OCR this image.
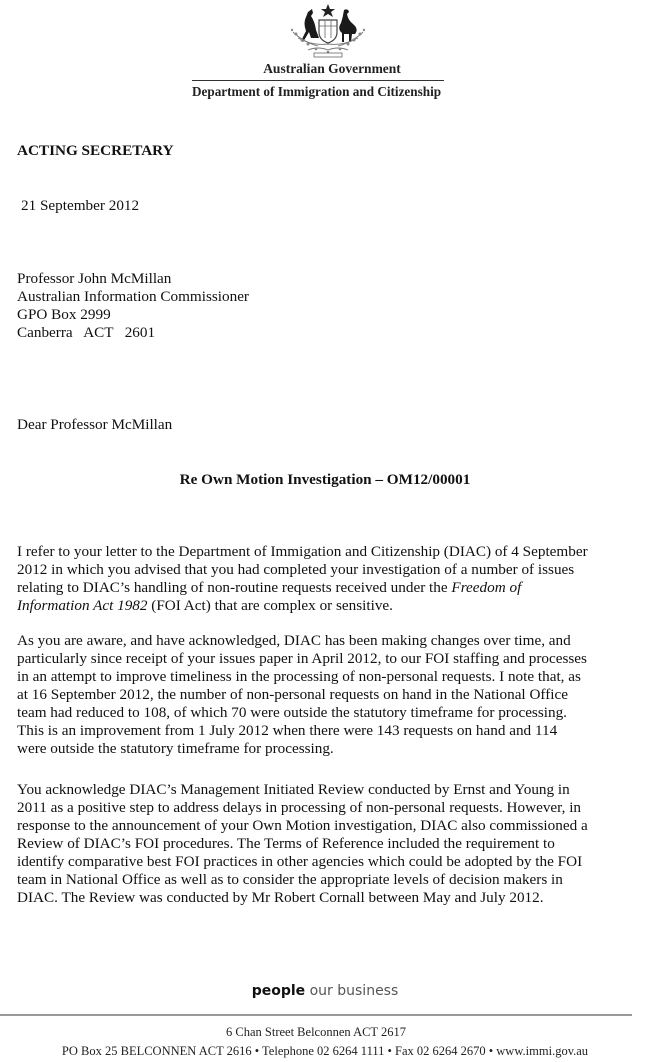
Australian Government
Department of Immigration and Citizenship
ACTING SECRETARY
21 September 2012
Professor John McMillan
Australian Information Commissioner
GPO Box 2999
Canberra   ACT   2601
Dear Professor McMillan
Re Own Motion Investigation – OM12/00001
I refer to your letter to the Department of Immigation and Citizenship (DIAC) of 4 September
2012 in which you advised that you had completed your investigation of a number of issues
relating to DIAC’s handling of non-routine requests received under the Freedom of
Information Act 1982 (FOI Act) that are complex or sensitive.
As you are aware, and have acknowledged, DIAC has been making changes over time, and
particularly since receipt of your issues paper in April 2012, to our FOI staffing and processes
in an attempt to improve timeliness in the processing of non-personal requests. I note that, as
at 16 September 2012, the number of non-personal requests on hand in the National Office
team had reduced to 108, of which 70 were outside the statutory timeframe for processing.
This is an improvement from 1 July 2012 when there were 143 requests on hand and 114
were outside the statutory timeframe for processing.
You acknowledge DIAC’s Management Initiated Review conducted by Ernst and Young in
2011 as a positive step to address delays in processing of non-personal requests. However, in
response to the announcement of your Own Motion investigation, DIAC also commissioned a
Review of DIAC’s FOI procedures. The Terms of Reference included the requirement to
identify comparative best FOI practices in other agencies which could be adopted by the FOI
team in National Office as well as to consider the appropriate levels of decision makers in
DIAC. The Review was conducted by Mr Robert Cornall between May and July 2012.
people our business
6 Chan Street Belconnen ACT 2617
PO Box 25 BELCONNEN ACT 2616 • Telephone 02 6264 1111 • Fax 02 6264 2670 • www.immi.gov.au
